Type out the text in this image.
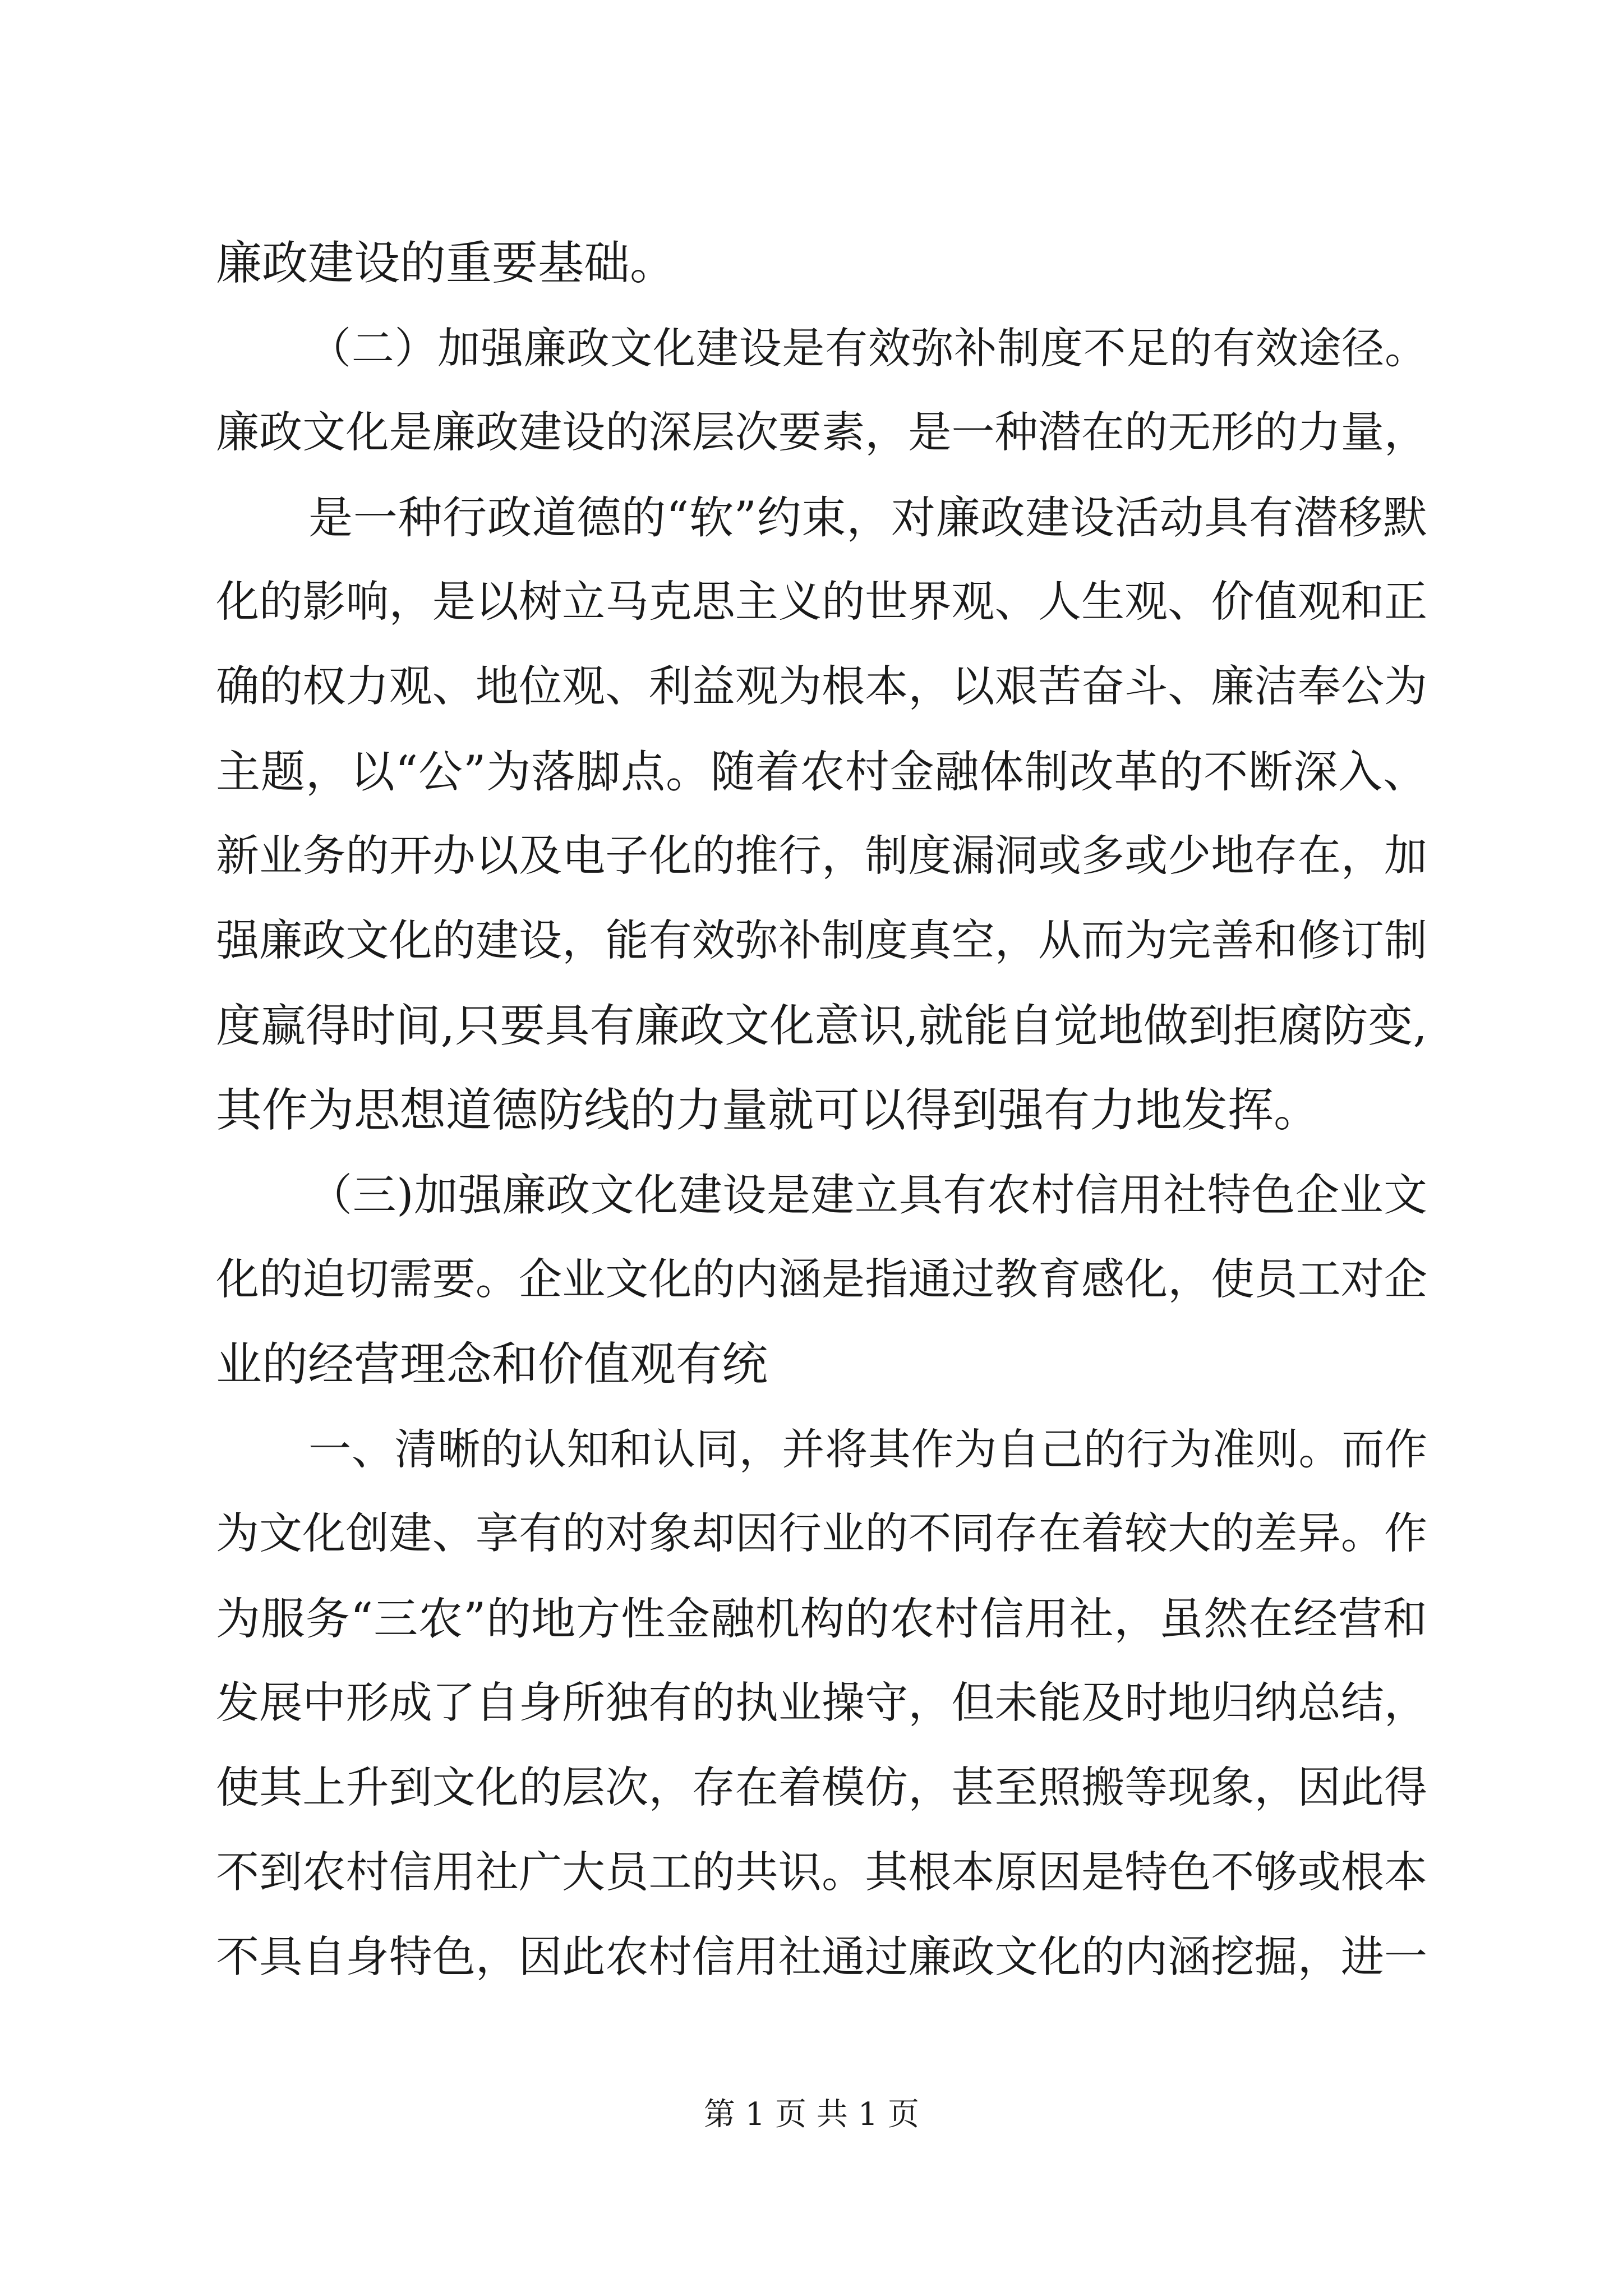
廉政建设的重要基础。
（二）加强廉政文化建设是有效弥补制度不足的有效途径。
廉政文化是廉政建设的深层次要素，是一种潜在的无形的力量，
是一种行政道德的“软”约束，对廉政建设活动具有潜移默
化的影响，是以树立马克思主义的世界观、人生观、价值观和正
确的权力观、地位观、利益观为根本，以艰苦奋斗、廉洁奉公为
主题，以“公”为落脚点。随着农村金融体制改革的不断深入、
新业务的开办以及电子化的推行，制度漏洞或多或少地存在，加
强廉政文化的建设，能有效弥补制度真空，从而为完善和修订制
度赢得时间,只要具有廉政文化意识,就能自觉地做到拒腐防变,
其作为思想道德防线的力量就可以得到强有力地发挥。
（三)加强廉政文化建设是建立具有农村信用社特色企业文
化的迫切需要。企业文化的内涵是指通过教育感化，使员工对企
业的经营理念和价值观有统
一、清晰的认知和认同，并将其作为自己的行为准则。而作
为文化创建、享有的对象却因行业的不同存在着较大的差异。作
为服务“三农”的地方性金融机构的农村信用社，虽然在经营和
发展中形成了自身所独有的执业操守，但未能及时地归纳总结，
使其上升到文化的层次，存在着模仿，甚至照搬等现象，因此得
不到农村信用社广大员工的共识。其根本原因是特色不够或根本
不具自身特色，因此农村信用社通过廉政文化的内涵挖掘，进一
第 1 页 共 1 页
